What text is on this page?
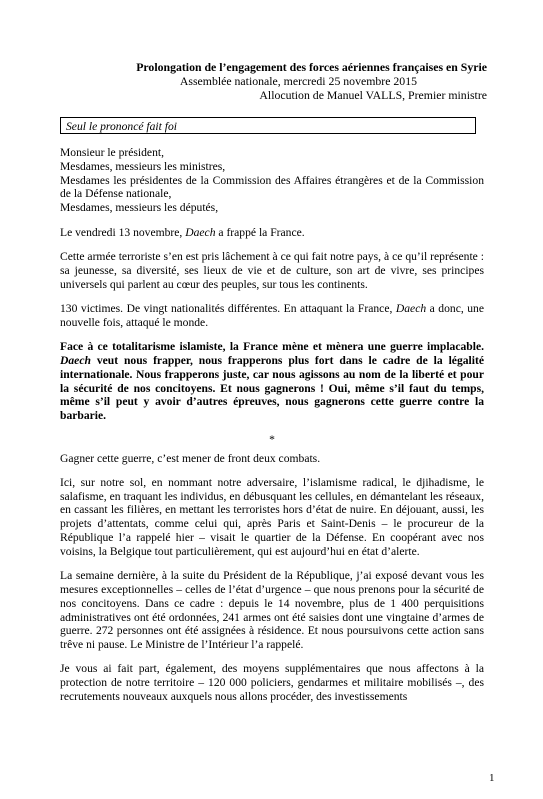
Prolongation de l’engagement des forces aériennes françaises en Syrie
Assemblée nationale, mercredi 25 novembre 2015
Allocution de Manuel VALLS, Premier ministre
Seul le prononcé fait foi

Monsieur le président,
Mesdames, messieurs les ministres,
Mesdames les présidentes de la Commission des Affaires étrangères et de la Commission de la Défense nationale,
Mesdames, messieurs les députés,

Le vendredi 13 novembre, Daech a frappé la France.

Cette armée terroriste s’en est pris lâchement à ce qui fait notre pays, à ce qu’il représente : sa jeunesse, sa diversité, ses lieux de vie et de culture, son art de vivre, ses principes universels qui parlent au cœur des peuples, sur tous les continents.

130 victimes. De vingt nationalités différentes. En attaquant la France, Daech a donc, une nouvelle fois, attaqué le monde.

Face à ce totalitarisme islamiste, la France mène et mènera une guerre implacable. Daech veut nous frapper, nous frapperons plus fort dans le cadre de la légalité internationale. Nous frapperons juste, car nous agissons au nom de la liberté et pour la sécurité de nos concitoyens. Et nous gagnerons ! Oui, même s’il faut du temps, même s’il peut y avoir d’autres épreuves, nous gagnerons cette guerre contre la barbarie.

*

Gagner cette guerre, c’est mener de front deux combats.

Ici, sur notre sol, en nommant notre adversaire, l’islamisme radical, le djihadisme, le salafisme, en traquant les individus, en débusquant les cellules, en démantelant les réseaux, en cassant les filières, en mettant les terroristes hors d’état de nuire. En déjouant, aussi, les projets d’attentats, comme celui qui, après Paris et Saint-Denis – le procureur de la République l’a rappelé hier – visait le quartier de la Défense. En coopérant avec nos voisins, la Belgique tout particulièrement, qui est aujourd’hui en état d’alerte.

La semaine dernière, à la suite du Président de la République, j’ai exposé devant vous les mesures exceptionnelles – celles de l’état d’urgence – que nous prenons pour la sécurité de nos concitoyens. Dans ce cadre : depuis le 14 novembre, plus de 1 400 perquisitions administratives ont été ordonnées, 241 armes ont été saisies dont une vingtaine d’armes de guerre. 272 personnes ont été assignées à résidence. Et nous poursuivons cette action sans trêve ni pause. Le Ministre de l’Intérieur l’a rappelé.

Je vous ai fait part, également, des moyens supplémentaires que nous affectons à la protection de notre territoire – 120 000 policiers, gendarmes et militaire mobilisés –, des recrutements nouveaux auxquels nous allons procéder, des investissements

1
